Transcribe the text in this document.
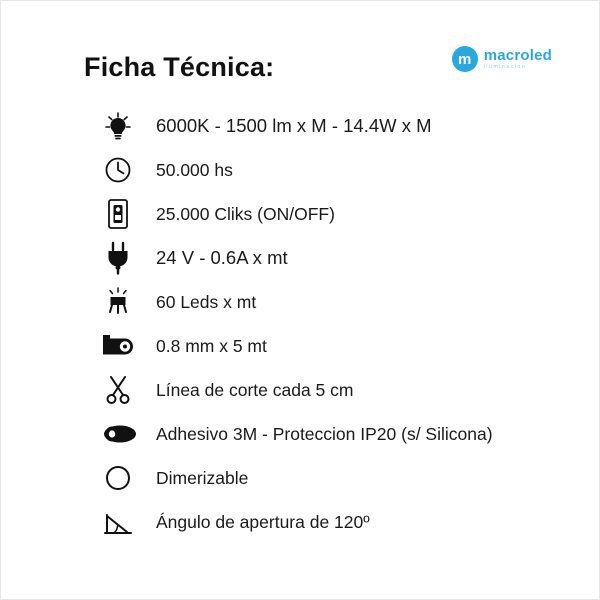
Ficha Técnica:	m macroled
iluminación
6000K - 1500 lm x M - 14.4W x M
50.000 hs
25.000 Cliks (ON/OFF)
24 V - 0.6A x mt
60 Leds x mt
0.8 mm x 5 mt
Línea de corte cada 5 cm
Adhesivo 3M - Proteccion IP20 (s/ Silicona)
Dimerizable
Ángulo de apertura de 120º
